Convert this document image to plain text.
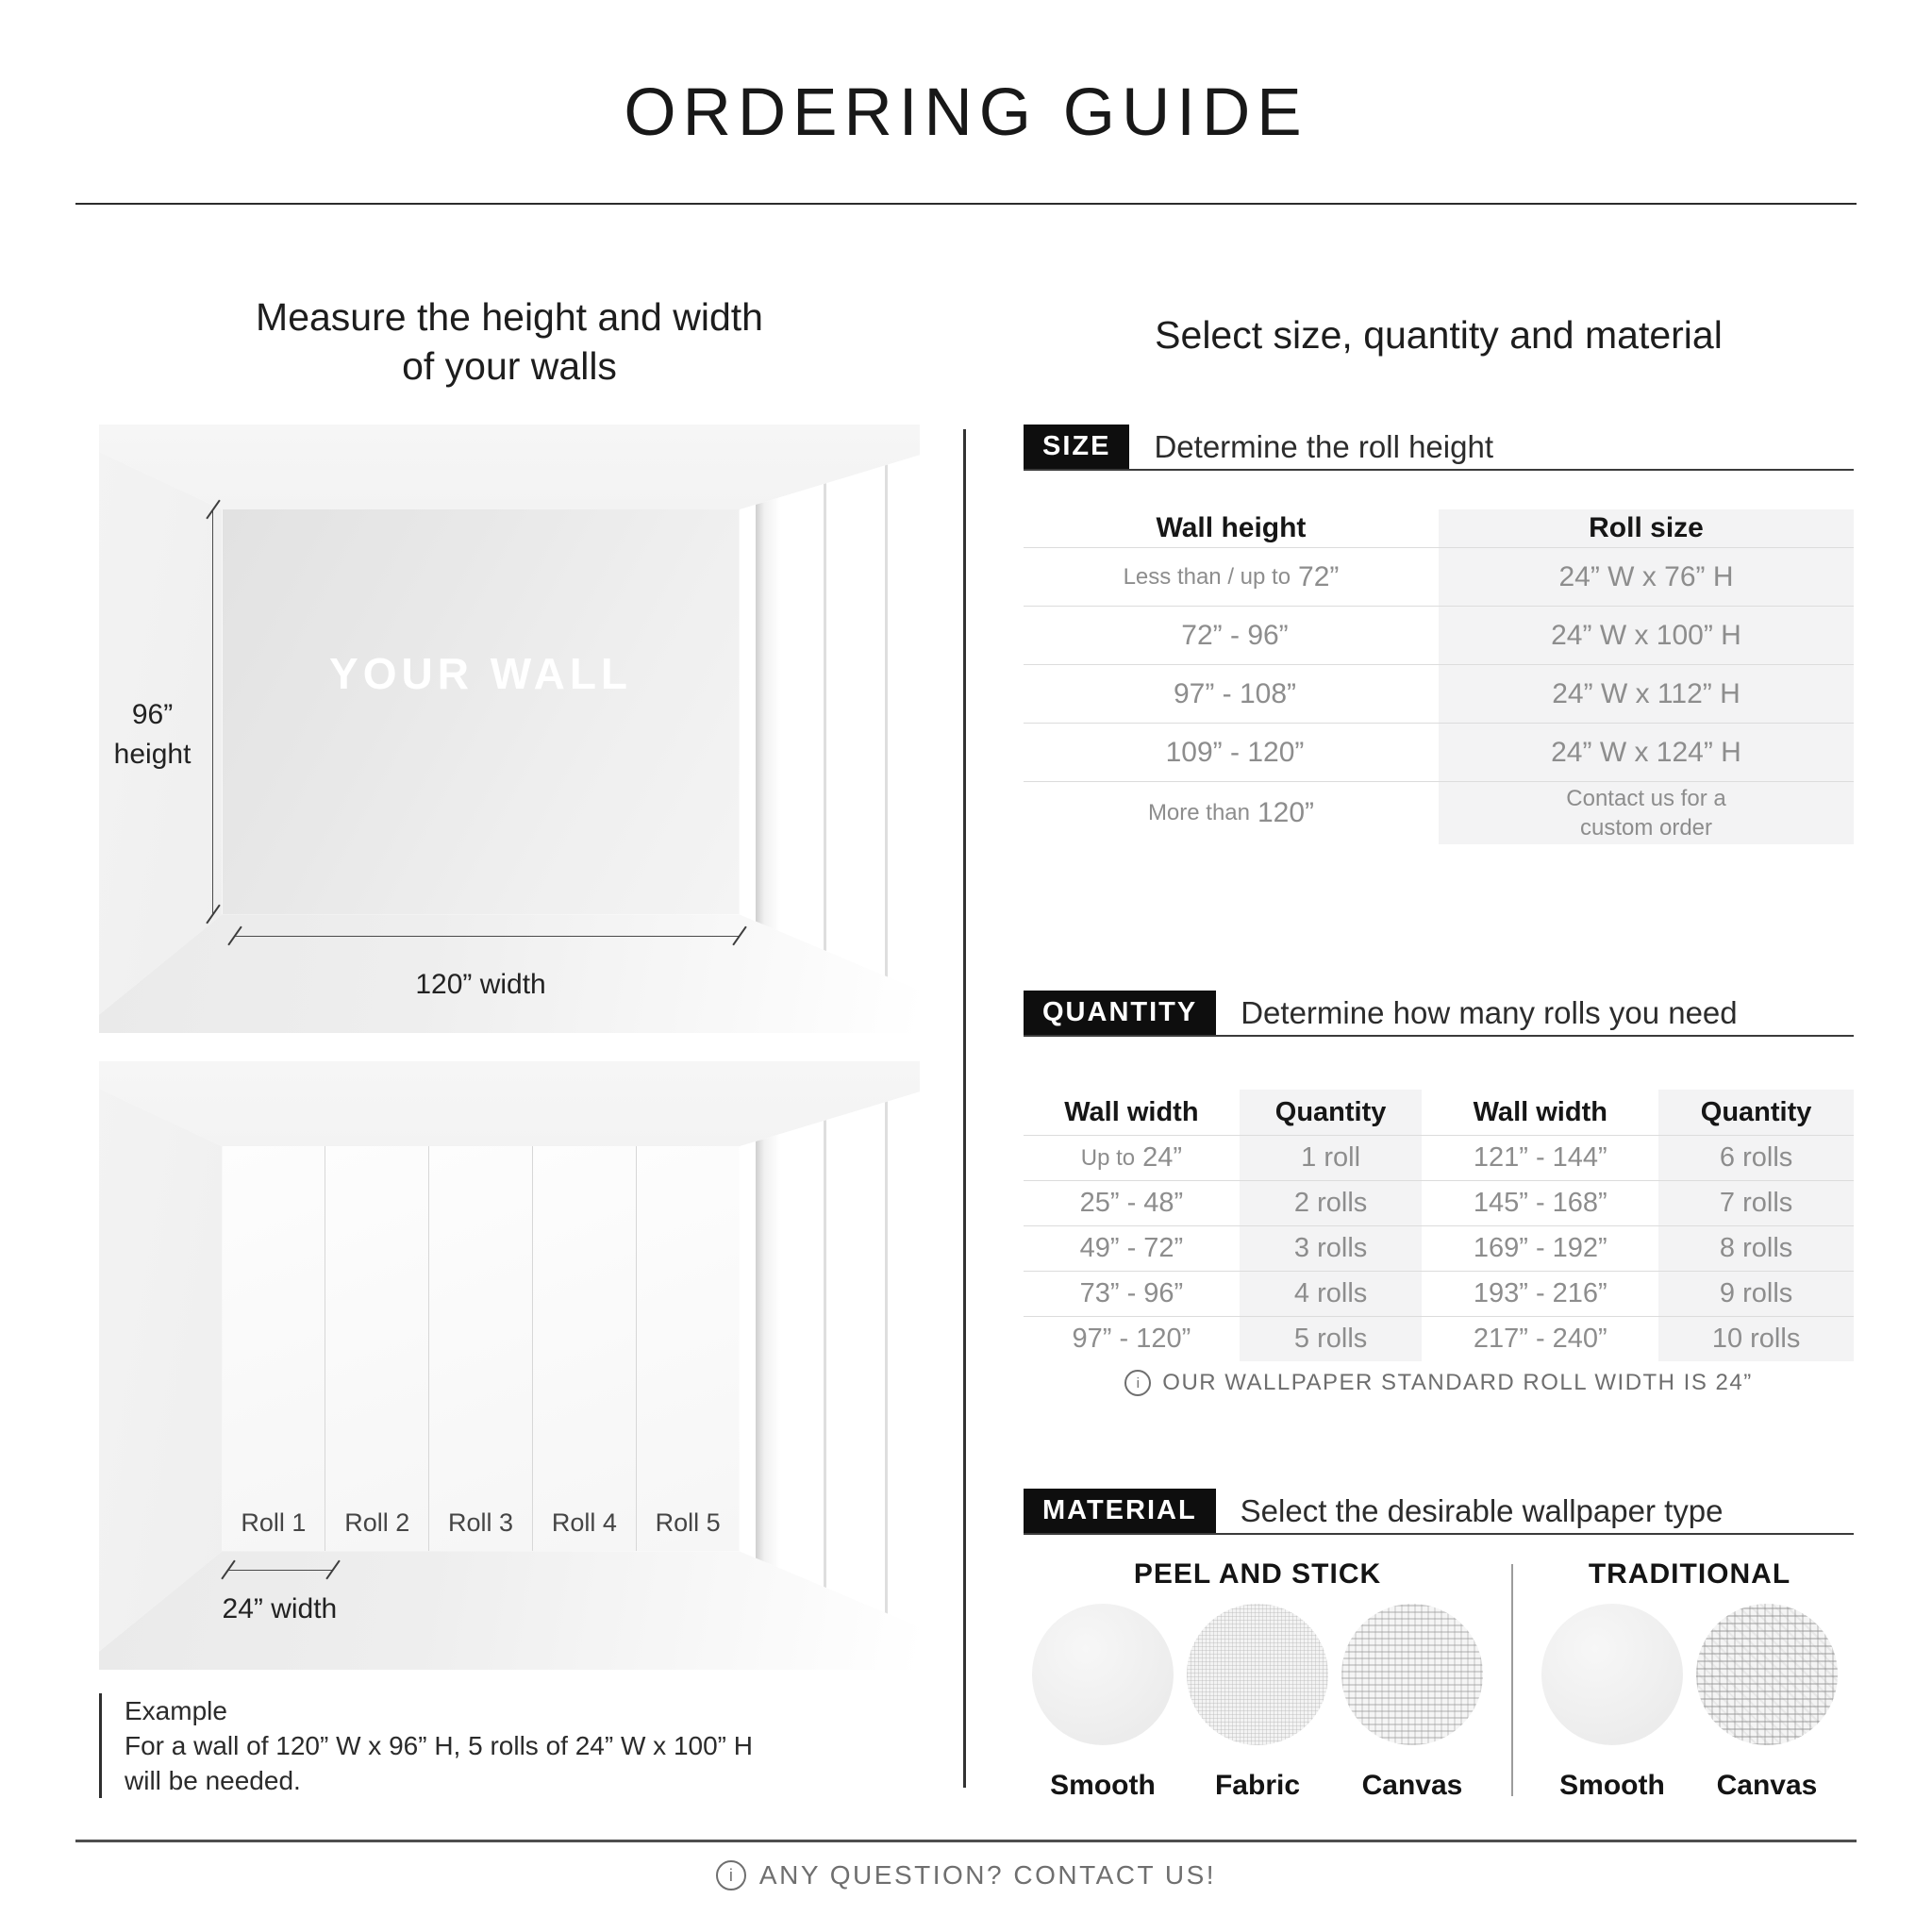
ORDERING GUIDE
Measure the height and width
of your walls
Select size, quantity and material
YOUR WALL
96”
height
120” width
Roll 1	Roll 2	Roll 3	Roll 4	Roll 5
24” width
Example
For a wall of 120” W x 96” H, 5 rolls of 24” W x 100” H
will be needed.
SIZE	Determine the roll height
Wall height	Roll size
Less than / up to 72”	24” W x 76” H
72” - 96”	24” W x 100” H
97” - 108”	24” W x 112” H
109” - 120”	24” W x 124” H
More than 120”	Contact us for a custom order
QUANTITY	Determine how many rolls you need
Wall width	Quantity	Wall width	Quantity
Up to 24”	1 roll	121” - 144”	6 rolls
25” - 48”	2 rolls	145” - 168”	7 rolls
49” - 72”	3 rolls	169” - 192”	8 rolls
73” - 96”	4 rolls	193” - 216”	9 rolls
97” - 120”	5 rolls	217” - 240”	10 rolls
i OUR WALLPAPER STANDARD ROLL WIDTH IS 24”
MATERIAL	Select the desirable wallpaper type
PEEL AND STICK
Smooth Fabric Canvas
TRADITIONAL
Smooth Canvas
i ANY QUESTION? CONTACT US!
